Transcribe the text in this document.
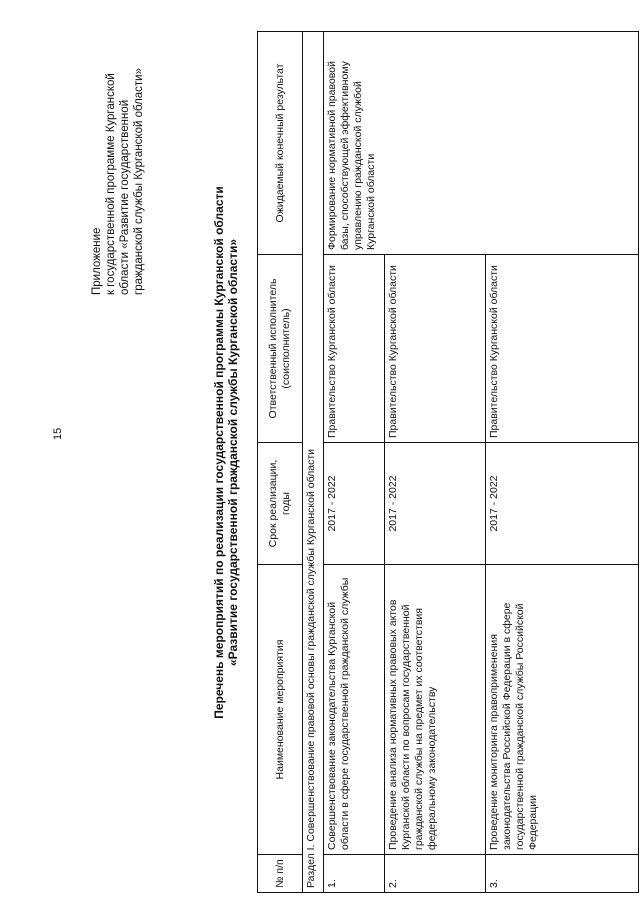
15
Приложение к государственной программе Курганской области «Развитие государственной гражданской службы Курганской области»
Перечень мероприятий по реализации государственной программы Курганской области «Развитие государственной гражданской службы Курганской области»
№ п/п	Наименование мероприятия	Срок реализации, годы	Ответственный исполнитель (соисполнитель)	Ожидаемый конечный результат
Раздел I. Совершенствование правовой основы гражданской службы Курганской области				
1.	Совершенствование законодательства Курганской области в сфере государственной гражданской службы	2017 - 2022	Правительство Курганской области	Формирование нормативной правовой базы, способствующей эффективному управлению гражданской службой Курганской области
2.	Проведение анализа нормативных правовых актов Курганской области по вопросам государственной гражданской службы на предмет их соответствия федеральному законодательству	2017 - 2022	Правительство Курганской области	
3.	Проведение мониторинга правоприменения законодательства Российской Федерации в сфере государственной гражданской службы Российской Федерации	2017 - 2022	Правительство Курганской области	
